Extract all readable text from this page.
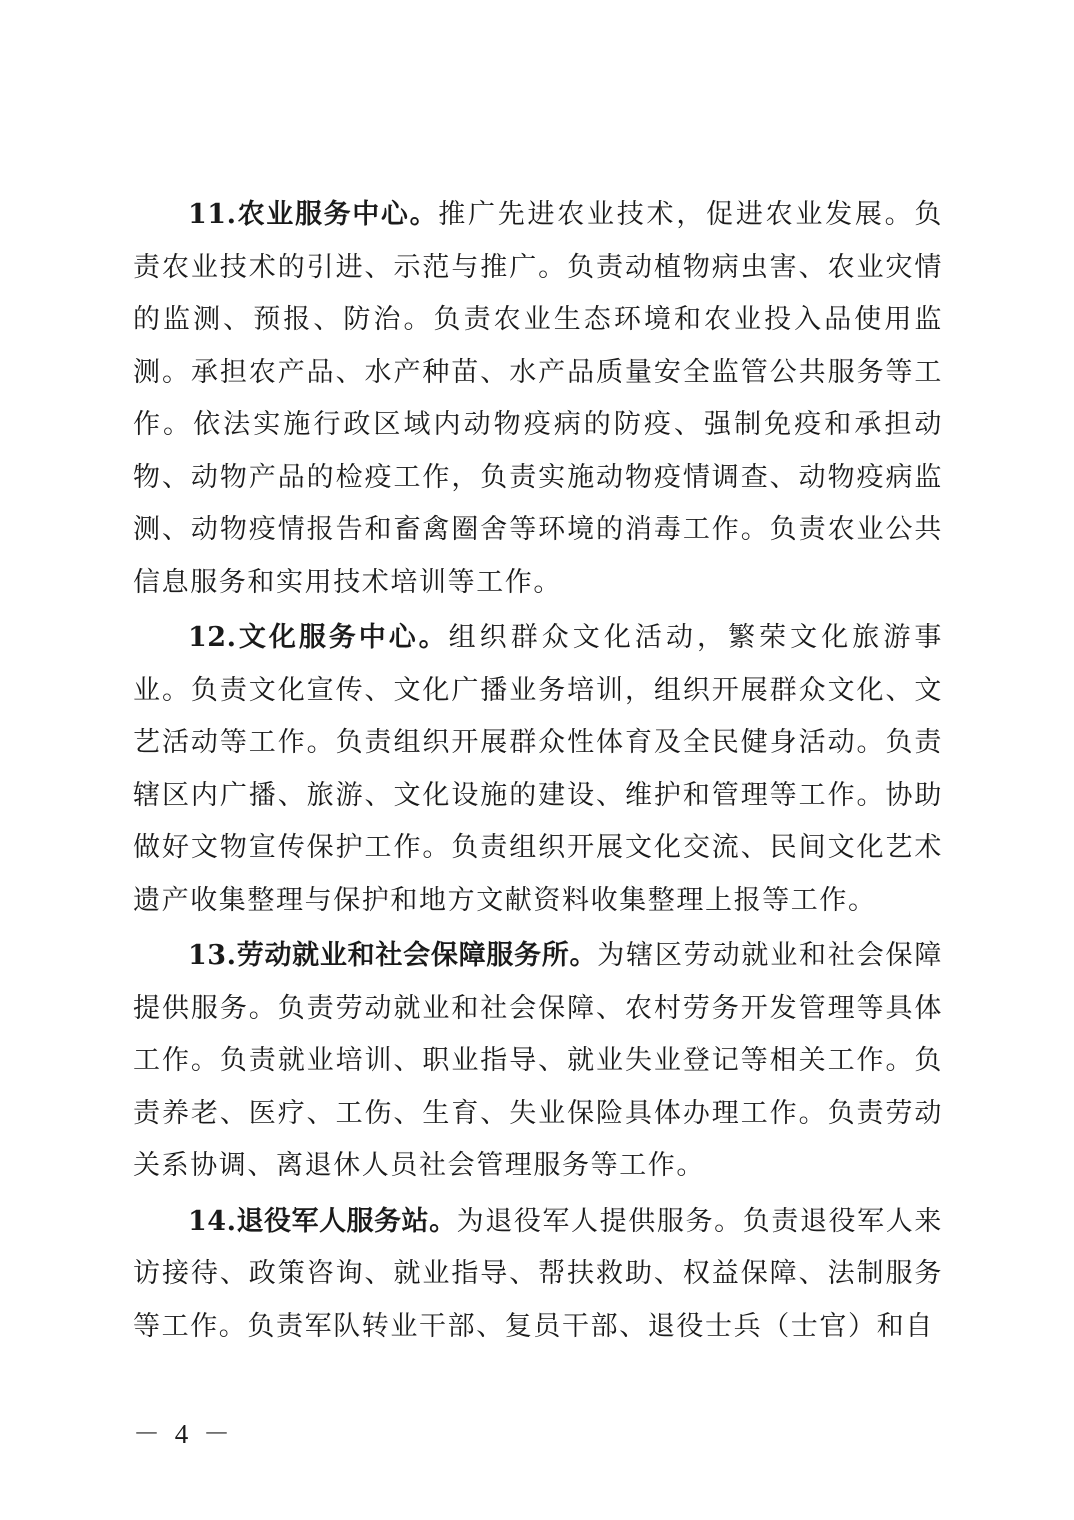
11.农业服务中心。推广先进农业技术，促进农业发展。负责农业技术的引进、示范与推广。负责动植物病虫害、农业灾情的监测、预报、防治。负责农业生态环境和农业投入品使用监测。承担农产品、水产种苗、水产品质量安全监管公共服务等工作。依法实施行政区域内动物疫病的防疫、强制免疫和承担动物、动物产品的检疫工作，负责实施动物疫情调查、动物疫病监测、动物疫情报告和畜禽圈舍等环境的消毒工作。负责农业公共信息服务和实用技术培训等工作。

12.文化服务中心。组织群众文化活动，繁荣文化旅游事业。负责文化宣传、文化广播业务培训，组织开展群众文化、文艺活动等工作。负责组织开展群众性体育及全民健身活动。负责辖区内广播、旅游、文化设施的建设、维护和管理等工作。协助做好文物宣传保护工作。负责组织开展文化交流、民间文化艺术遗产收集整理与保护和地方文献资料收集整理上报等工作。

13.劳动就业和社会保障服务所。为辖区劳动就业和社会保障提供服务。负责劳动就业和社会保障、农村劳务开发管理等具体工作。负责就业培训、职业指导、就业失业登记等相关工作。负责养老、医疗、工伤、生育、失业保险具体办理工作。负责劳动关系协调、离退休人员社会管理服务等工作。

14.退役军人服务站。为退役军人提供服务。负责退役军人来访接待、政策咨询、就业指导、帮扶救助、权益保障、法制服务等工作。负责军队转业干部、复员干部、退役士兵（士官）和自

－ 4 －
